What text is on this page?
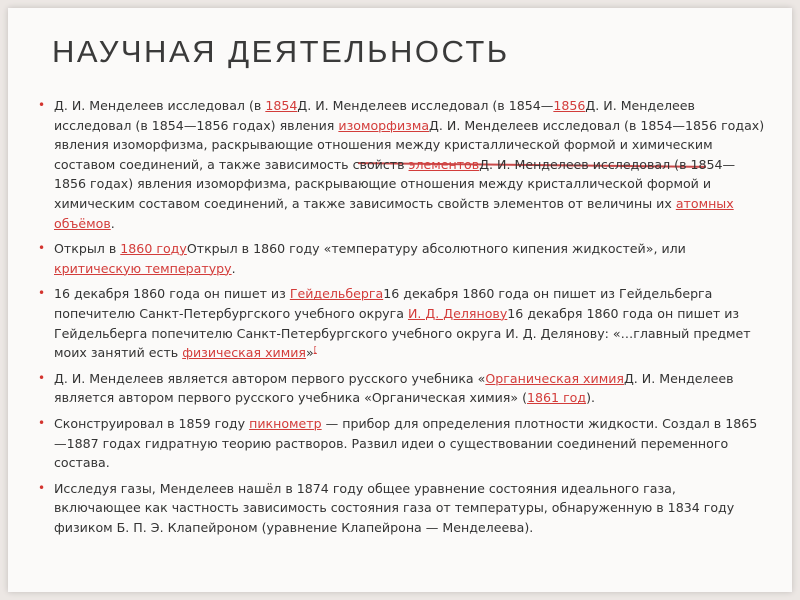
НАУЧНАЯ ДЕЯТЕЛЬНОСТЬ
• Д. И. Менделеев исследовал (в 1854Д. И. Менделеев исследовал (в 1854—1856Д. И. Менделеев исследовал (в 1854—1856 годах) явления изоморфизмаД. И. Менделеев исследовал (в 1854—1856 годах) явления изоморфизма, раскрывающие отношения между кристаллической формой и химическим составом соединений, а также зависимость свойств элементовД. И. Менделеев исследовал (в 1854—1856 годах) явления изоморфизма, раскрывающие отношения между кристаллической формой и химическим составом соединений, а также зависимость свойств элементов от величины их атомных объёмов.
• Открыл в 1860 годуОткрыл в 1860 году «температуру абсолютного кипения жидкостей», или критическую температуру.
• 16 декабря 1860 года он пишет из Гейдельберга16 декабря 1860 года он пишет из Гейдельберга попечителю Санкт-Петербургского учебного округа И. Д. Делянову16 декабря 1860 года он пишет из Гейдельберга попечителю Санкт-Петербургского учебного округа И. Д. Делянову: «…главный предмет моих занятий есть физическая химия»[
• Д. И. Менделеев является автором первого русского учебника «Органическая химияД. И. Менделеев является автором первого русского учебника «Органическая химия» (1861 год).
• Сконструировал в 1859 году пикнометр — прибор для определения плотности жидкости. Создал в 1865—1887 годах гидратную теорию растворов. Развил идеи о существовании соединений переменного состава.
• Исследуя газы, Менделеев нашёл в 1874 году общее уравнение состояния идеального газа, включающее как частность зависимость состояния газа от температуры, обнаруженную в 1834 году физиком Б. П. Э. Клапейроном (уравнение Клапейрона — Менделеева).
